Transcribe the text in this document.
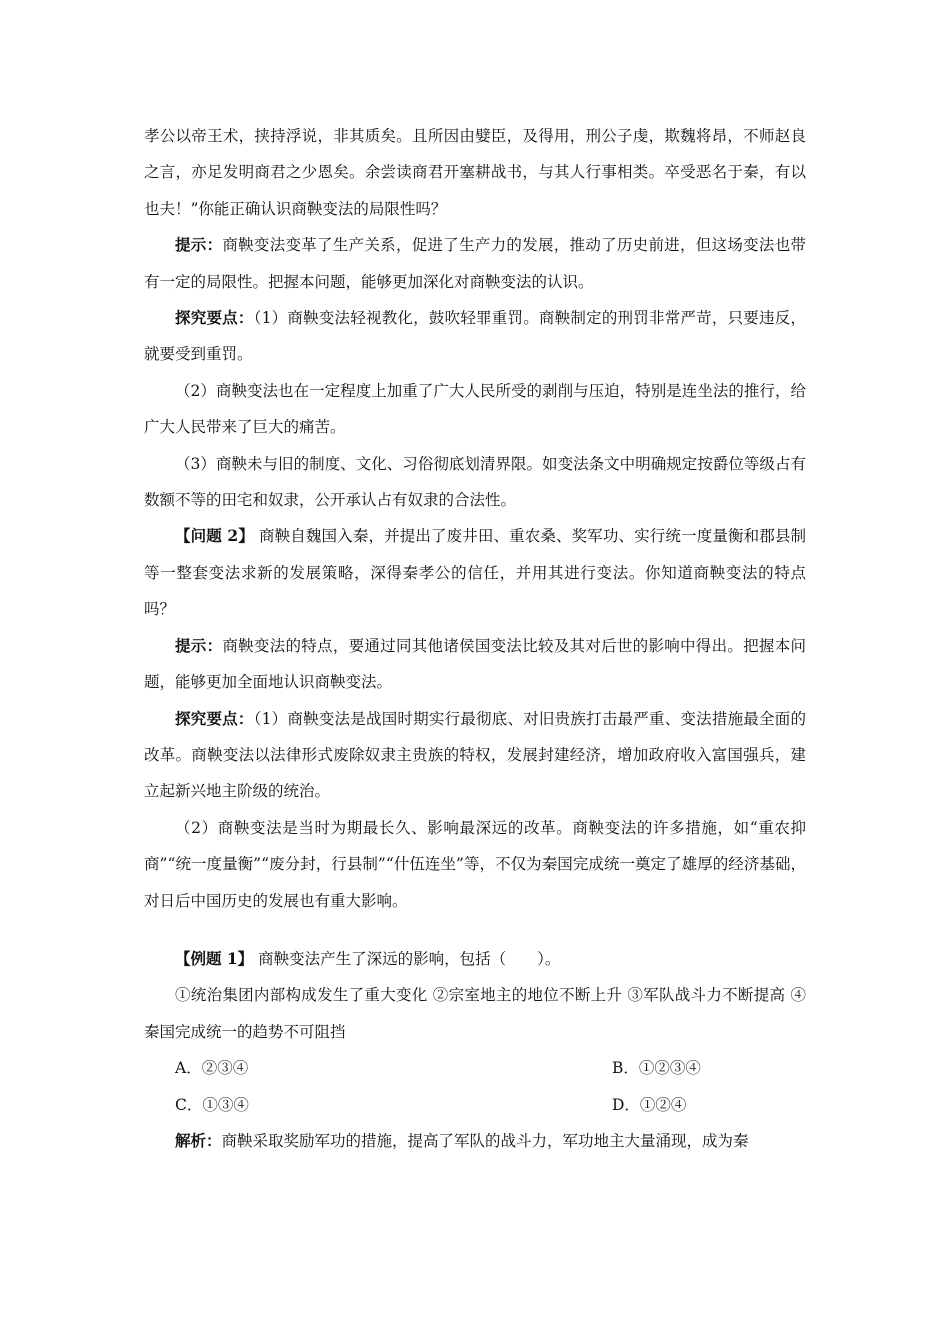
孝公以帝王术，挟持浮说，非其质矣。且所因由嬖臣，及得用，刑公子虔，欺魏将昂，不师赵良之言，亦足发明商君之少恩矣。余尝读商君开塞耕战书，与其人行事相类。卒受恶名于秦，有以也夫！”你能正确认识商鞅变法的局限性吗？

提示：商鞅变法变革了生产关系，促进了生产力的发展，推动了历史前进，但这场变法也带有一定的局限性。把握本问题，能够更加深化对商鞅变法的认识。

探究要点：（1）商鞅变法轻视教化，鼓吹轻罪重罚。商鞅制定的刑罚非常严苛，只要违反，就要受到重罚。

（2）商鞅变法也在一定程度上加重了广大人民所受的剥削与压迫，特别是连坐法的推行，给广大人民带来了巨大的痛苦。

（3）商鞅未与旧的制度、文化、习俗彻底划清界限。如变法条文中明确规定按爵位等级占有数额不等的田宅和奴隶，公开承认占有奴隶的合法性。

【问题 2】 商鞅自魏国入秦，并提出了废井田、重农桑、奖军功、实行统一度量衡和郡县制等一整套变法求新的发展策略，深得秦孝公的信任，并用其进行变法。你知道商鞅变法的特点吗？

提示：商鞅变法的特点，要通过同其他诸侯国变法比较及其对后世的影响中得出。把握本问题，能够更加全面地认识商鞅变法。

探究要点：（1）商鞅变法是战国时期实行最彻底、对旧贵族打击最严重、变法措施最全面的改革。商鞅变法以法律形式废除奴隶主贵族的特权，发展封建经济，增加政府收入富国强兵，建立起新兴地主阶级的统治。

（2）商鞅变法是当时为期最长久、影响最深远的改革。商鞅变法的许多措施，如“重农抑商”“统一度量衡”“废分封，行县制”“什伍连坐”等，不仅为秦国完成统一奠定了雄厚的经济基础，对日后中国历史的发展也有重大影响。

【例题 1】 商鞅变法产生了深远的影响，包括（　　）。

①统治集团内部构成发生了重大变化 ②宗室地主的地位不断上升 ③军队战斗力不断提高 ④秦国完成统一的趋势不可阻挡

A．②③④	B．①②③④
C．①③④	D．①②④

解析：商鞅采取奖励军功的措施，提高了军队的战斗力，军功地主大量涌现，成为秦
